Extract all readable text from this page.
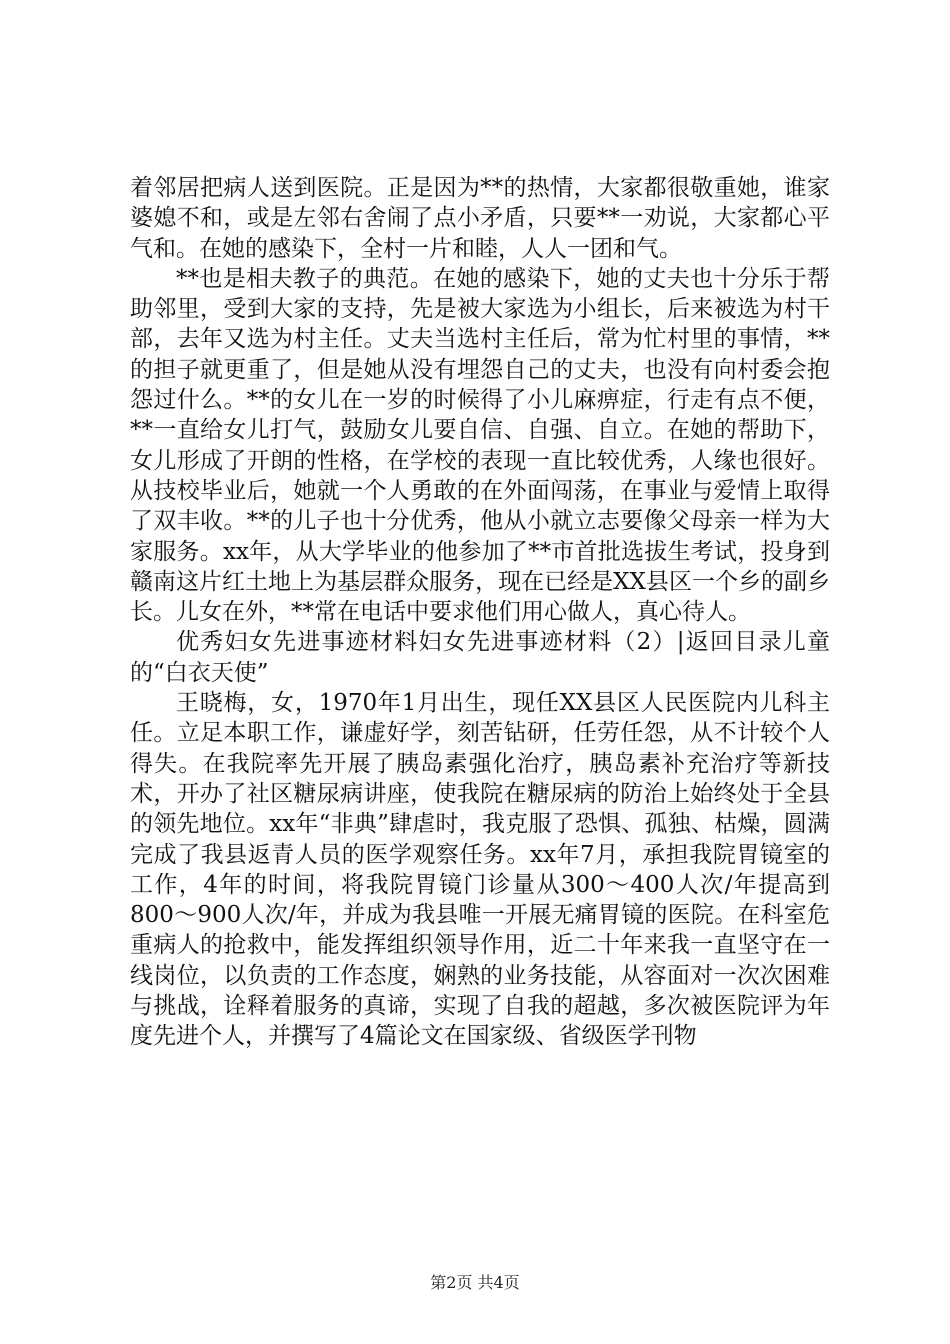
着邻居把病人送到医院。正是因为**的热情，大家都很敬重她，谁家婆媳不和，或是左邻右舍闹了点小矛盾，只要**一劝说，大家都心平气和。在她的感染下，全村一片和睦，人人一团和气。

**也是相夫教子的典范。在她的感染下，她的丈夫也十分乐于帮助邻里，受到大家的支持，先是被大家选为小组长，后来被选为村干部，去年又选为村主任。丈夫当选村主任后，常为忙村里的事情，**的担子就更重了，但是她从没有埋怨自己的丈夫，也没有向村委会抱怨过什么。**的女儿在一岁的时候得了小儿麻痹症，行走有点不便，**一直给女儿打气，鼓励女儿要自信、自强、自立。在她的帮助下，女儿形成了开朗的性格，在学校的表现一直比较优秀，人缘也很好。从技校毕业后，她就一个人勇敢的在外面闯荡，在事业与爱情上取得了双丰收。**的儿子也十分优秀，他从小就立志要像父母亲一样为大家服务。xx年，从大学毕业的他参加了**市首批选拔生考试，投身到赣南这片红土地上为基层群众服务，现在已经是XX县区一个乡的副乡长。儿女在外，**常在电话中要求他们用心做人，真心待人。

优秀妇女先进事迹材料妇女先进事迹材料（2）|返回目录儿童的“白衣天使”

王晓梅，女，1970年1月出生，现任XX县区人民医院内儿科主任。立足本职工作，谦虚好学，刻苦钻研，任劳任怨，从不计较个人得失。在我院率先开展了胰岛素强化治疗，胰岛素补充治疗等新技术，开办了社区糖尿病讲座，使我院在糖尿病的防治上始终处于全县的领先地位。xx年“非典”肆虐时，我克服了恐惧、孤独、枯燥，圆满完成了我县返青人员的医学观察任务。xx年7月，承担我院胃镜室的工作，4年的时间，将我院胃镜门诊量从300～400人次/年提高到800～900人次/年，并成为我县唯一开展无痛胃镜的医院。在科室危重病人的抢救中，能发挥组织领导作用，近二十年来我一直坚守在一线岗位，以负责的工作态度，娴熟的业务技能，从容面对一次次困难与挑战，诠释着服务的真谛，实现了自我的超越，多次被医院评为年度先进个人，并撰写了4篇论文在国家级、省级医学刊物

第2页 共4页
